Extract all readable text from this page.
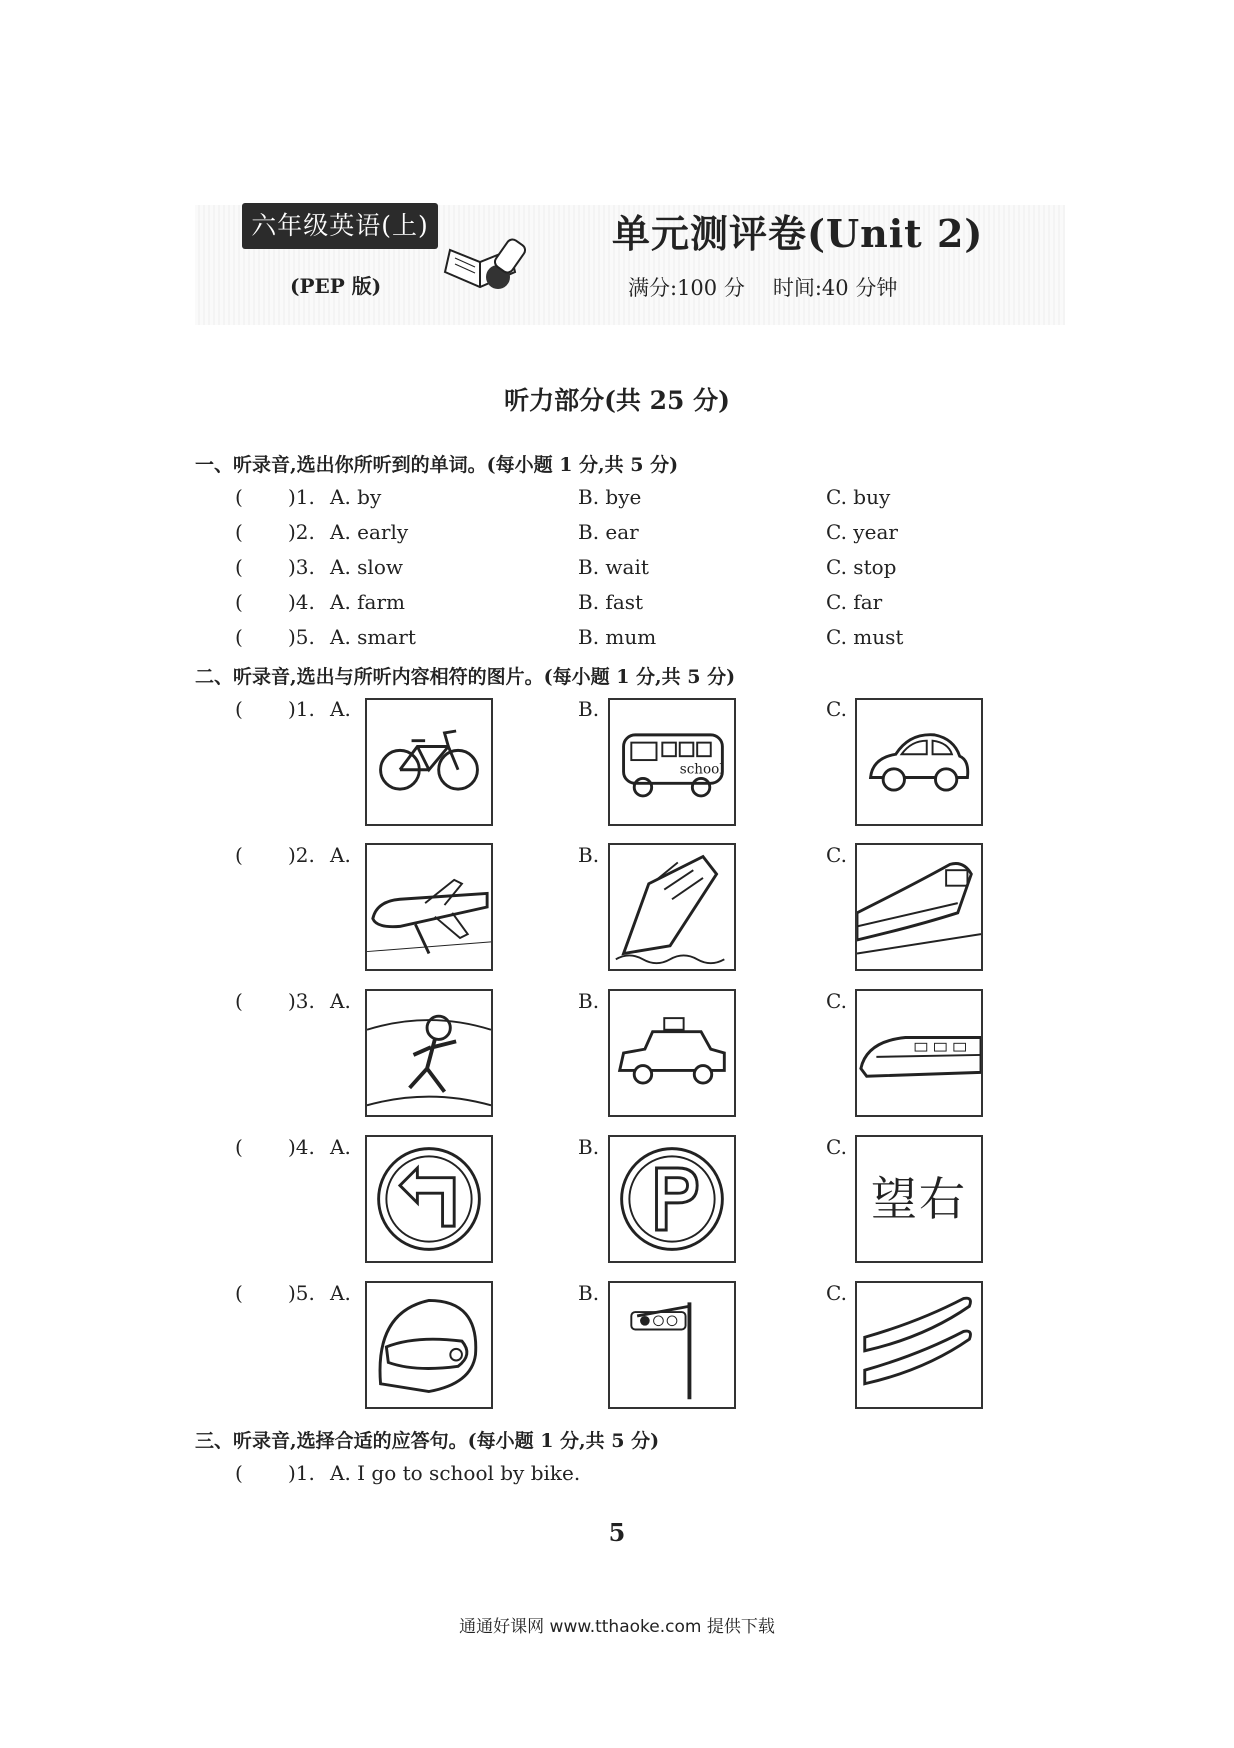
六年级英语(上)
(PEP 版)
单元测评卷(Unit 2)
满分:100 分 时间:40 分钟
听力部分(共 25 分)
一、听录音,选出你所听到的单词。(每小题 1 分,共 5 分)
( )1. A. by	B. bye	C. buy
( )2. A. early	B. ear	C. year
( )3. A. slow	B. wait	C. stop
( )4. A. farm	B. fast	C. far
( )5. A. smart	B. mum	C. must
二、听录音,选出与所听内容相符的图片。(每小题 1 分,共 5 分)
( )1. A.	B.	C.
school
( )2. A.	B.	C.
( )3. A.	B.	C.
( )4. A.	B.	C.
望右
( )5. A.	B.	C.
三、听录音,选择合适的应答句。(每小题 1 分,共 5 分)
( )1. A. I go to school by bike.
5
通通好课网 www.tthaoke.com 提供下载
